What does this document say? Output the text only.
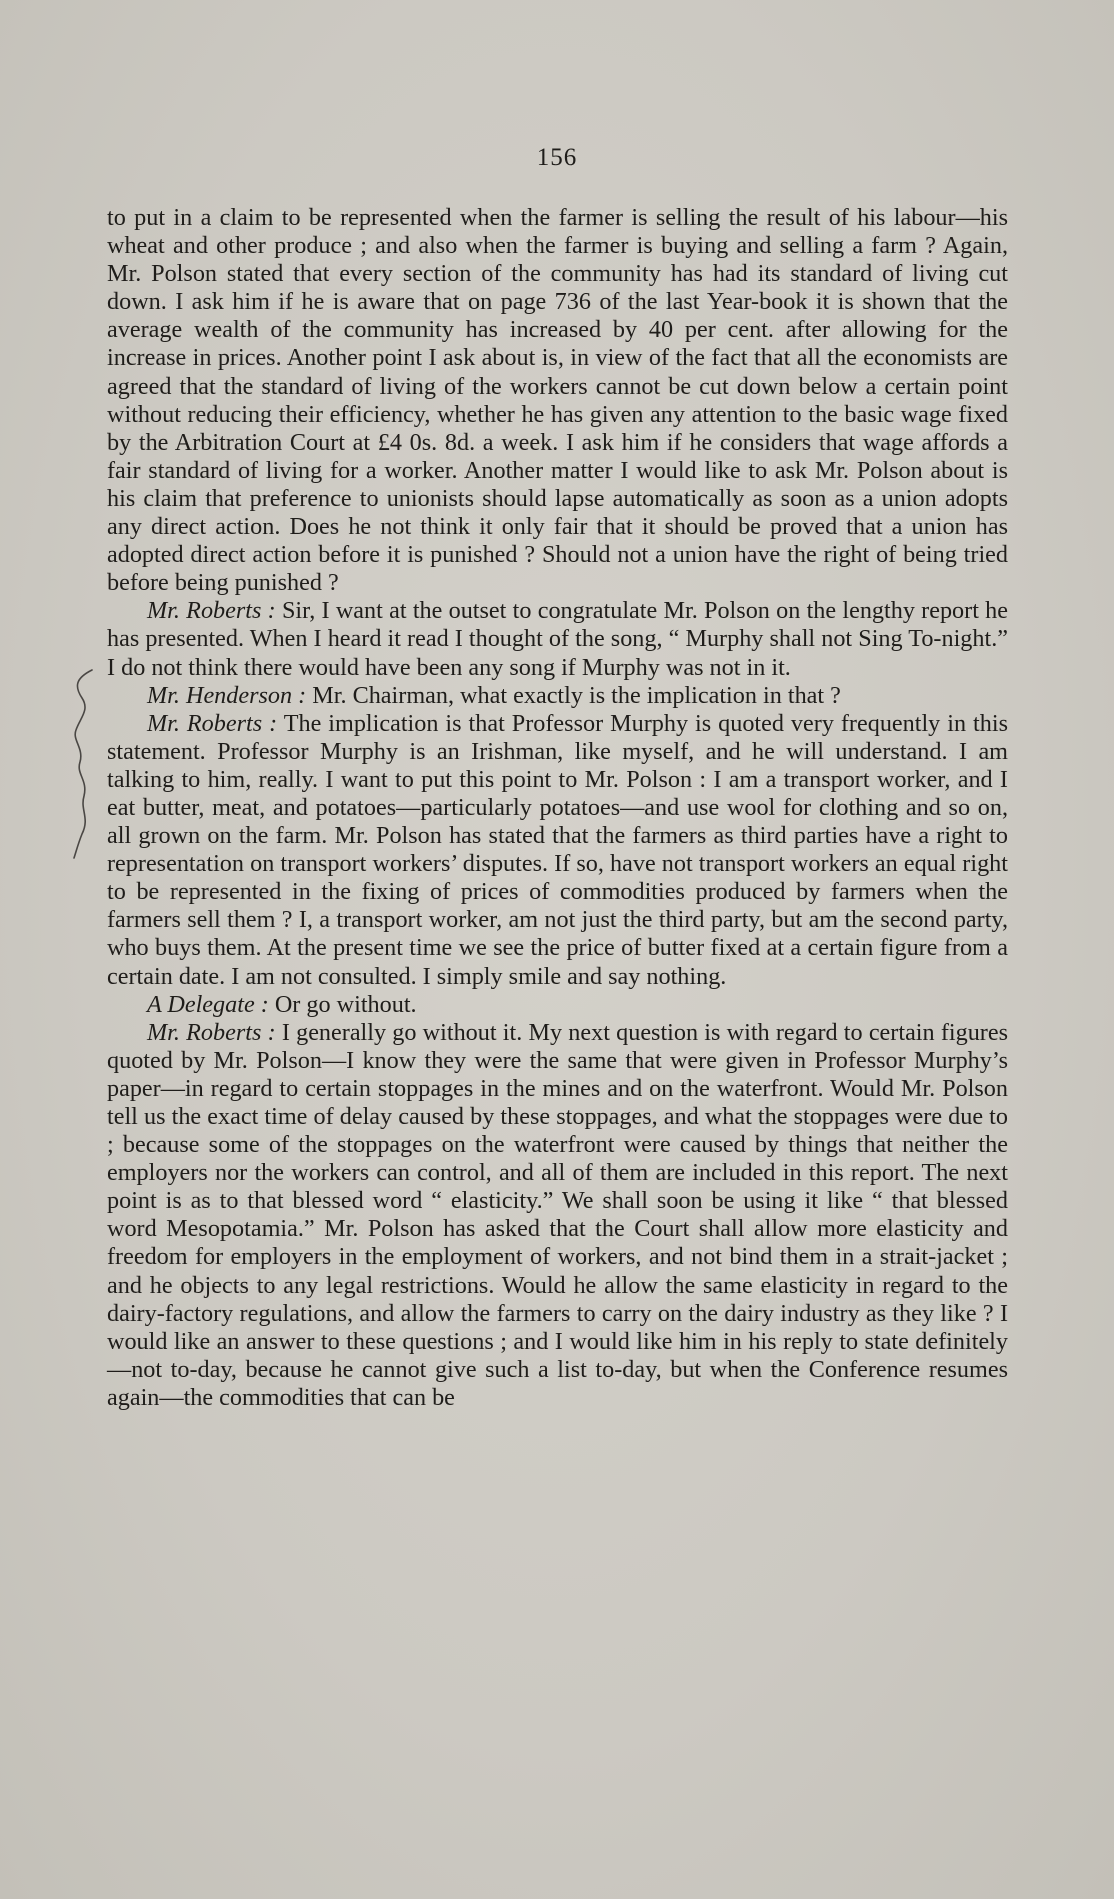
156

to put in a claim to be represented when the farmer is selling the result of his labour—his wheat and other produce ; and also when the farmer is buying and selling a farm ? Again, Mr. Polson stated that every section of the community has had its standard of living cut down. I ask him if he is aware that on page 736 of the last Year-book it is shown that the average wealth of the community has increased by 40 per cent. after allowing for the increase in prices. Another point I ask about is, in view of the fact that all the economists are agreed that the standard of living of the workers cannot be cut down below a certain point without reducing their efficiency, whether he has given any attention to the basic wage fixed by the Arbitration Court at £4 0s. 8d. a week. I ask him if he considers that wage affords a fair standard of living for a worker. Another matter I would like to ask Mr. Polson about is his claim that preference to unionists should lapse automatically as soon as a union adopts any direct action. Does he not think it only fair that it should be proved that a union has adopted direct action before it is punished ? Should not a union have the right of being tried before being punished ?

Mr. Roberts : Sir, I want at the outset to congratulate Mr. Polson on the lengthy report he has presented. When I heard it read I thought of the song, “ Murphy shall not Sing To-night.” I do not think there would have been any song if Murphy was not in it.

Mr. Henderson : Mr. Chairman, what exactly is the implication in that ?

Mr. Roberts : The implication is that Professor Murphy is quoted very frequently in this statement. Professor Murphy is an Irishman, like myself, and he will understand. I am talking to him, really. I want to put this point to Mr. Polson : I am a transport worker, and I eat butter, meat, and potatoes—particularly potatoes—and use wool for clothing and so on, all grown on the farm. Mr. Polson has stated that the farmers as third parties have a right to representation on transport workers’ disputes. If so, have not transport workers an equal right to be represented in the fixing of prices of commodities produced by farmers when the farmers sell them ? I, a transport worker, am not just the third party, but am the second party, who buys them. At the present time we see the price of butter fixed at a certain figure from a certain date. I am not consulted. I simply smile and say nothing.

A Delegate : Or go without.

Mr. Roberts : I generally go without it. My next question is with regard to certain figures quoted by Mr. Polson—I know they were the same that were given in Professor Murphy’s paper—in regard to certain stoppages in the mines and on the waterfront. Would Mr. Polson tell us the exact time of delay caused by these stoppages, and what the stoppages were due to ; because some of the stoppages on the waterfront were caused by things that neither the employers nor the workers can control, and all of them are included in this report. The next point is as to that blessed word “ elasticity.” We shall soon be using it like “ that blessed word Mesopotamia.” Mr. Polson has asked that the Court shall allow more elasticity and freedom for employers in the employment of workers, and not bind them in a strait-jacket ; and he objects to any legal restrictions. Would he allow the same elasticity in regard to the dairy-factory regulations, and allow the farmers to carry on the dairy industry as they like ? I would like an answer to these questions ; and I would like him in his reply to state definitely—not to-day, because he cannot give such a list to-day, but when the Conference resumes again—the commodities that can be
